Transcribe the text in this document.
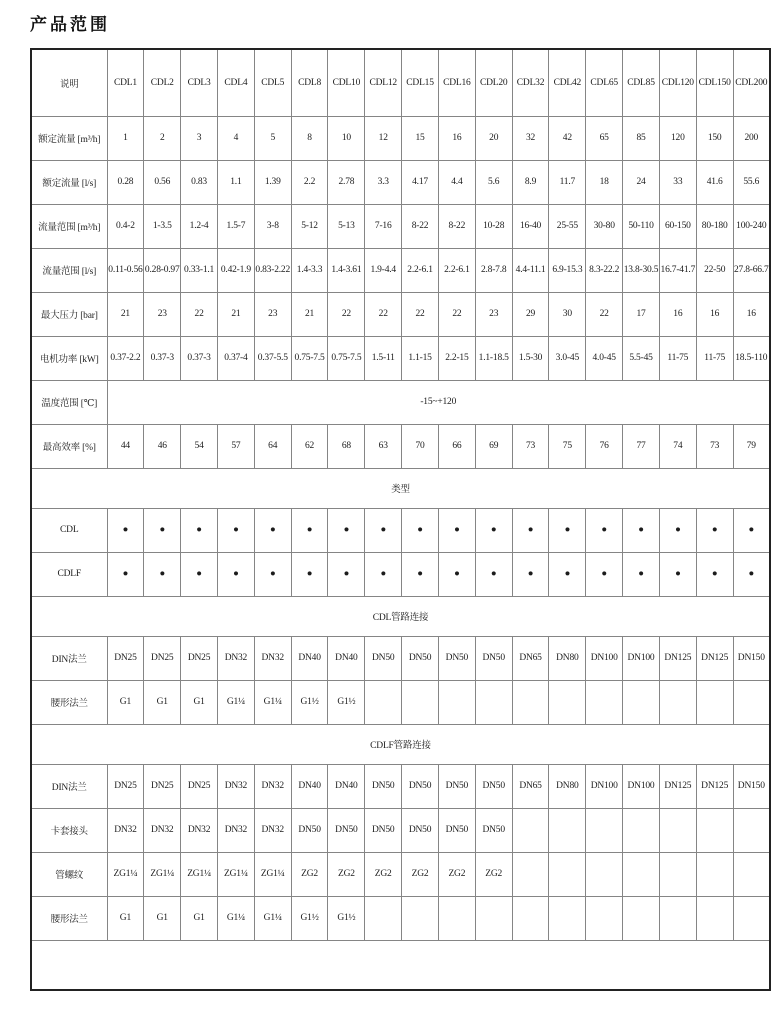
产品范围
说明	CDL1	CDL2	CDL3	CDL4	CDL5	CDL8	CDL10	CDL12	CDL15	CDL16	CDL20	CDL32	CDL42	CDL65	CDL85	CDL120	CDL150	CDL200
额定流量 [m³/h]	1	2	3	4	5	8	10	12	15	16	20	32	42	65	85	120	150	200
额定流量 [l/s]	0.28	0.56	0.83	1.1	1.39	2.2	2.78	3.3	4.17	4.4	5.6	8.9	11.7	18	24	33	41.6	55.6
流量范围 [m³/h]	0.4-2	1-3.5	1.2-4	1.5-7	3-8	5-12	5-13	7-16	8-22	8-22	10-28	16-40	25-55	30-80	50-110	60-150	80-180	100-240
流量范围 [l/s]	0.11-0.56	0.28-0.97	0.33-1.1	0.42-1.9	0.83-2.22	1.4-3.3	1.4-3.61	1.9-4.4	2.2-6.1	2.2-6.1	2.8-7.8	4.4-11.1	6.9-15.3	8.3-22.2	13.8-30.5	16.7-41.7	22-50	27.8-66.7
最大压力 [bar]	21	23	22	21	23	21	22	22	22	22	23	29	30	22	17	16	16	16
电机功率 [kW]	0.37-2.2	0.37-3	0.37-3	0.37-4	0.37-5.5	0.75-7.5	0.75-7.5	1.5-11	1.1-15	2.2-15	1.1-18.5	1.5-30	3.0-45	4.0-45	5.5-45	11-75	11-75	18.5-110
温度范围 [℃]	-15~+120																	
最高效率 [%]	44	46	54	57	64	62	68	63	70	66	69	73	75	76	77	74	73	79
类型																		
CDL	●	●	●	●	●	●	●	●	●	●	●	●	●	●	●	●	●	●
CDLF	●	●	●	●	●	●	●	●	●	●	●	●	●	●	●	●	●	●
CDL管路连接																		
DIN法兰	DN25	DN25	DN25	DN32	DN32	DN40	DN40	DN50	DN50	DN50	DN50	DN65	DN80	DN100	DN100	DN125	DN125	DN150
腰形法兰	G1	G1	G1	G1¼	G1¼	G1½	G1½											
CDLF管路连接																		
DIN法兰	DN25	DN25	DN25	DN32	DN32	DN40	DN40	DN50	DN50	DN50	DN50	DN65	DN80	DN100	DN100	DN125	DN125	DN150
卡套接头	DN32	DN32	DN32	DN32	DN32	DN50	DN50	DN50	DN50	DN50	DN50							
管螺纹	ZG1¼	ZG1¼	ZG1¼	ZG1¼	ZG1¼	ZG2	ZG2	ZG2	ZG2	ZG2	ZG2							
腰形法兰	G1	G1	G1	G1¼	G1¼	G1½	G1½											
